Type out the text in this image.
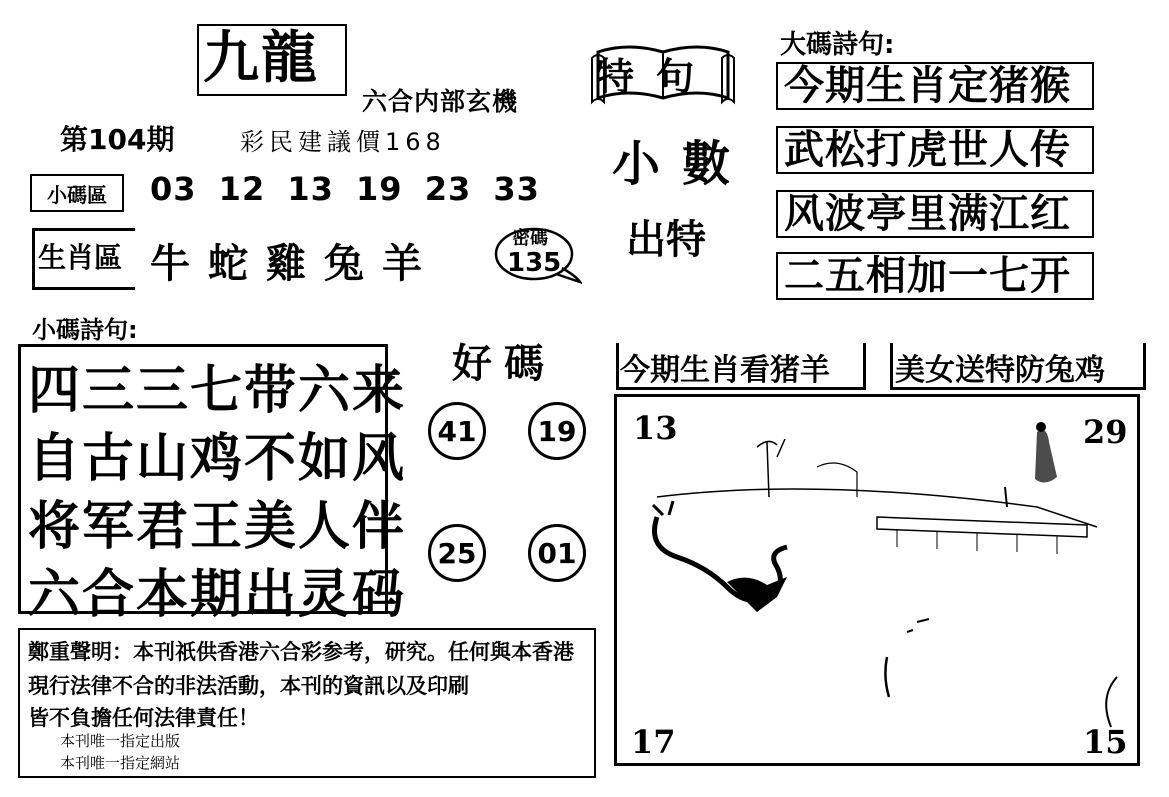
九龍
六合内部玄機
第104期	彩民建議價168
小碼區	03 12 13 19 23 33
生肖區 牛蛇雞兔羊
密碼
135
特句
小數
出特
大碼詩句:
今期生肖定猪猴
武松打虎世人传
风波亭里满江红
二五相加一七开
小碼詩句:
四三三七带六来
自古山鸡不如风
将军君王美人伴
六合本期出灵码
好碼
41	19
25	01
今期生肖看猪羊 美女送特防兔鸡
13	29
17	15
鄭重聲明：本刊祇供香港六合彩参考，研究。任何與本香港
現行法律不合的非法活動，本刊的資訊以及印刷
皆不負擔任何法律責任！
本刊唯一指定出版
本刊唯一指定網站
